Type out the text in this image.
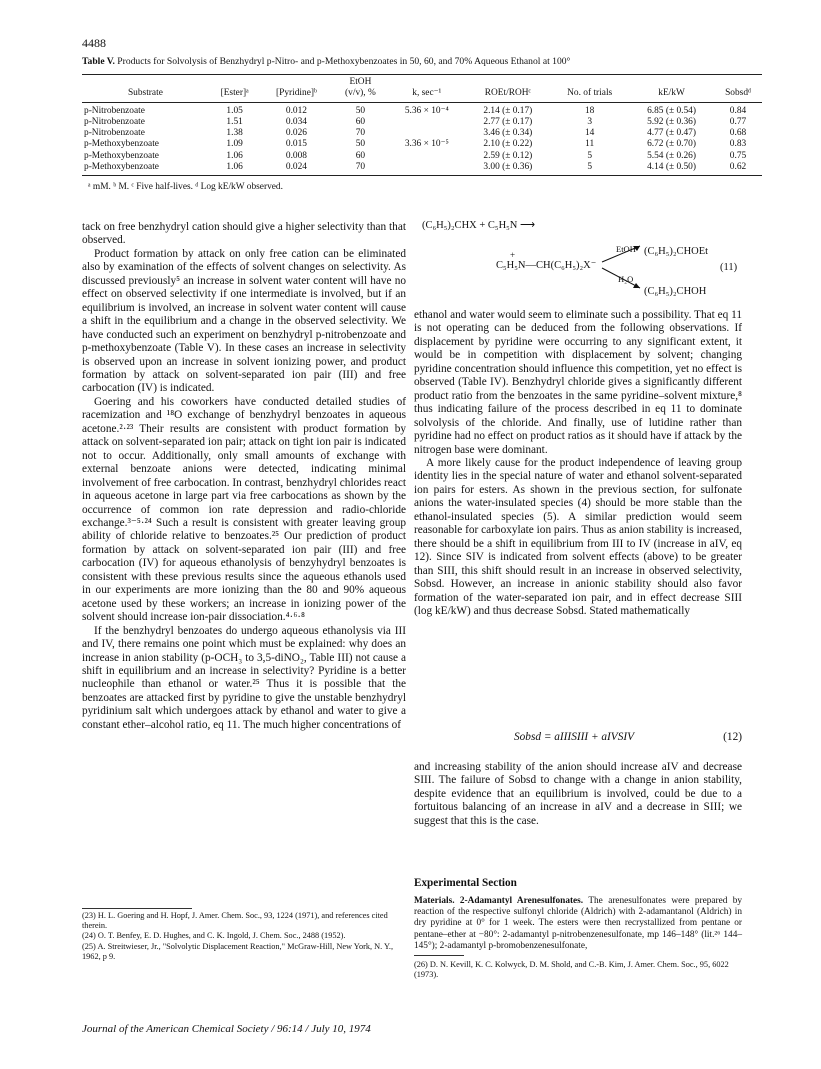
4488
Table V. Products for Solvolysis of Benzhydryl p-Nitro- and p-Methoxybenzoates in 50, 60, and 70% Aqueous Ethanol at 100°
			EtOH					
Substrate	[Ester]ᵃ	[Pyridine]ᵇ	(v/v), %	k, sec⁻¹	ROEt/ROHᶜ	No. of trials	kE/kW	Sobsdᵈ
p-Nitrobenzoate	1.05	0.012	50	5.36 × 10⁻⁴	2.14 (± 0.17)	18	6.85 (± 0.54)	0.84
p-Nitrobenzoate	1.51	0.034	60		2.77 (± 0.17)	3	5.92 (± 0.36)	0.77
p-Nitrobenzoate	1.38	0.026	70		3.46 (± 0.34)	14	4.77 (± 0.47)	0.68
p-Methoxybenzoate	1.09	0.015	50	3.36 × 10⁻⁵	2.10 (± 0.22)	11	6.72 (± 0.70)	0.83
p-Methoxybenzoate	1.06	0.008	60		2.59 (± 0.12)	5	5.54 (± 0.26)	0.75
p-Methoxybenzoate	1.06	0.024	70		3.00 (± 0.36)	5	4.14 (± 0.50)	0.62
ᵃ mM. ᵇ M. ᶜ Five half-lives. ᵈ Log kE/kW observed.

tack on free benzhydryl cation should give a higher selectivity than that observed.

Product formation by attack on only free cation can be eliminated also by examination of the effects of solvent changes on selectivity. As discussed previously⁵ an increase in solvent water content will have no effect on observed selectivity if one intermediate is involved, but if an equilibrium is involved, an increase in solvent water content will cause a shift in the equilibrium and a change in the observed selectivity. We have conducted such an experiment on benzhydryl p-nitrobenzoate and p-methoxybenzoate (Table V). In these cases an increase in selectivity is observed upon an increase in solvent ionizing power, and product formation by attack on solvent-separated ion pair (III) and free carbocation (IV) is indicated.

Goering and his coworkers have conducted detailed studies of racemization and ¹⁸O exchange of benzhydryl benzoates in aqueous acetone.²·²³ Their results are consistent with product formation by attack on solvent-separated ion pair; attack on tight ion pair is indicated not to occur. Additionally, only small amounts of exchange with external benzoate anions were detected, indicating minimal involvement of free carbocation. In contrast, benzhydryl chlorides react in aqueous acetone in large part via free carbocations as shown by the occurrence of common ion rate depression and radio-chloride exchange.³⁻⁵·²⁴ Such a result is consistent with greater leaving group ability of chloride relative to benzoates.²⁵ Our prediction of product formation by attack on solvent-separated ion pair (III) and free carbocation (IV) for aqueous ethanolysis of benzyhydryl benzoates is consistent with these previous results since the aqueous ethanols used in our experiments are more ionizing than the 80 and 90% aqueous acetone used by these workers; an increase in ionizing power of the solvent should increase ion-pair dissociation.⁴·⁶·⁸

If the benzhydryl benzoates do undergo aqueous ethanolysis via III and IV, there remains one point which must be explained: why does an increase in anion stability (p-OCH₃ to 3,5-diNO₂, Table III) not cause a shift in equilibrium and an increase in selectivity? Pyridine is a better nucleophile than ethanol or water.²⁵ Thus it is possible that the benzoates are attacked first by pyridine to give the unstable benzhydryl pyridinium salt which undergoes attack by ethanol and water to give a constant ether–alcohol ratio, eq 11. The much higher concentrations of

(C₆H₅)₂CHX + C₅H₅N ⟶
C₅H₅N—CH(C₆H₅)₂X⁻
+
EtOH (C₆H₅)₂CHOEt
H₂O
(C₆H₅)₂CHOH
(11)

ethanol and water would seem to eliminate such a possibility. That eq 11 is not operating can be deduced from the following observations. If displacement by pyridine were occurring to any significant extent, it would be in competition with displacement by solvent; changing pyridine concentration should influence this competition, yet no effect is observed (Table IV). Benzhydryl chloride gives a significantly different product ratio from the benzoates in the same pyridine–solvent mixture,⁸ thus indicating failure of the process described in eq 11 to dominate solvolysis of the chloride. And finally, use of lutidine rather than pyridine had no effect on product ratios as it should have if attack by the nitrogen base were dominant.

A more likely cause for the product independence of leaving group identity lies in the special nature of water and ethanol solvent-separated ion pairs for esters. As shown in the previous section, for sulfonate anions the water-insulated species (4) should be more stable than the ethanol-insulated species (5). A similar prediction would seem reasonable for carboxylate ion pairs. Thus as anion stability is increased, there should be a shift in equilibrium from III to IV (increase in aIV, eq 12). Since SIV is indicated from solvent effects (above) to be greater than SIII, this shift should result in an increase in observed selectivity, Sobsd. However, an increase in anionic stability should also favor formation of the water-separated ion pair, and in effect decrease SIII (log kE/kW) and thus decrease Sobsd. Stated mathematically

Sobsd = aIIISIII + aIVSIV	(12)

and increasing stability of the anion should increase aIV and decrease SIII. The failure of Sobsd to change with a change in anion stability, despite evidence that an equilibrium is involved, could be due to a fortuitous balancing of an increase in aIV and a decrease in SIII; we suggest that this is the case.

Experimental Section
Materials. 2-Adamantyl Arenesulfonates. The arenesulfonates were prepared by reaction of the respective sulfonyl chloride (Aldrich) with 2-adamantanol (Aldrich) in dry pyridine at 0° for 1 week. The esters were then recrystallized from pentane or pentane–ether at −80°: 2-adamantyl p-nitrobenzenesulfonate, mp 146–148° (lit.²⁶ 144–145°); 2-adamantyl p-bromobenzenesulfonate,
(23) H. L. Goering and H. Hopf, J. Amer. Chem. Soc., 93, 1224 (1971), and references cited therein.
(24) O. T. Benfey, E. D. Hughes, and C. K. Ingold, J. Chem. Soc., 2488 (1952).
(25) A. Streitwieser, Jr., "Solvolytic Displacement Reaction," McGraw-Hill, New York, N. Y., 1962, p 9.
(26) D. N. Kevill, K. C. Kolwyck, D. M. Shold, and C.-B. Kim, J. Amer. Chem. Soc., 95, 6022 (1973).
Journal of the American Chemical Society / 96:14 / July 10, 1974
